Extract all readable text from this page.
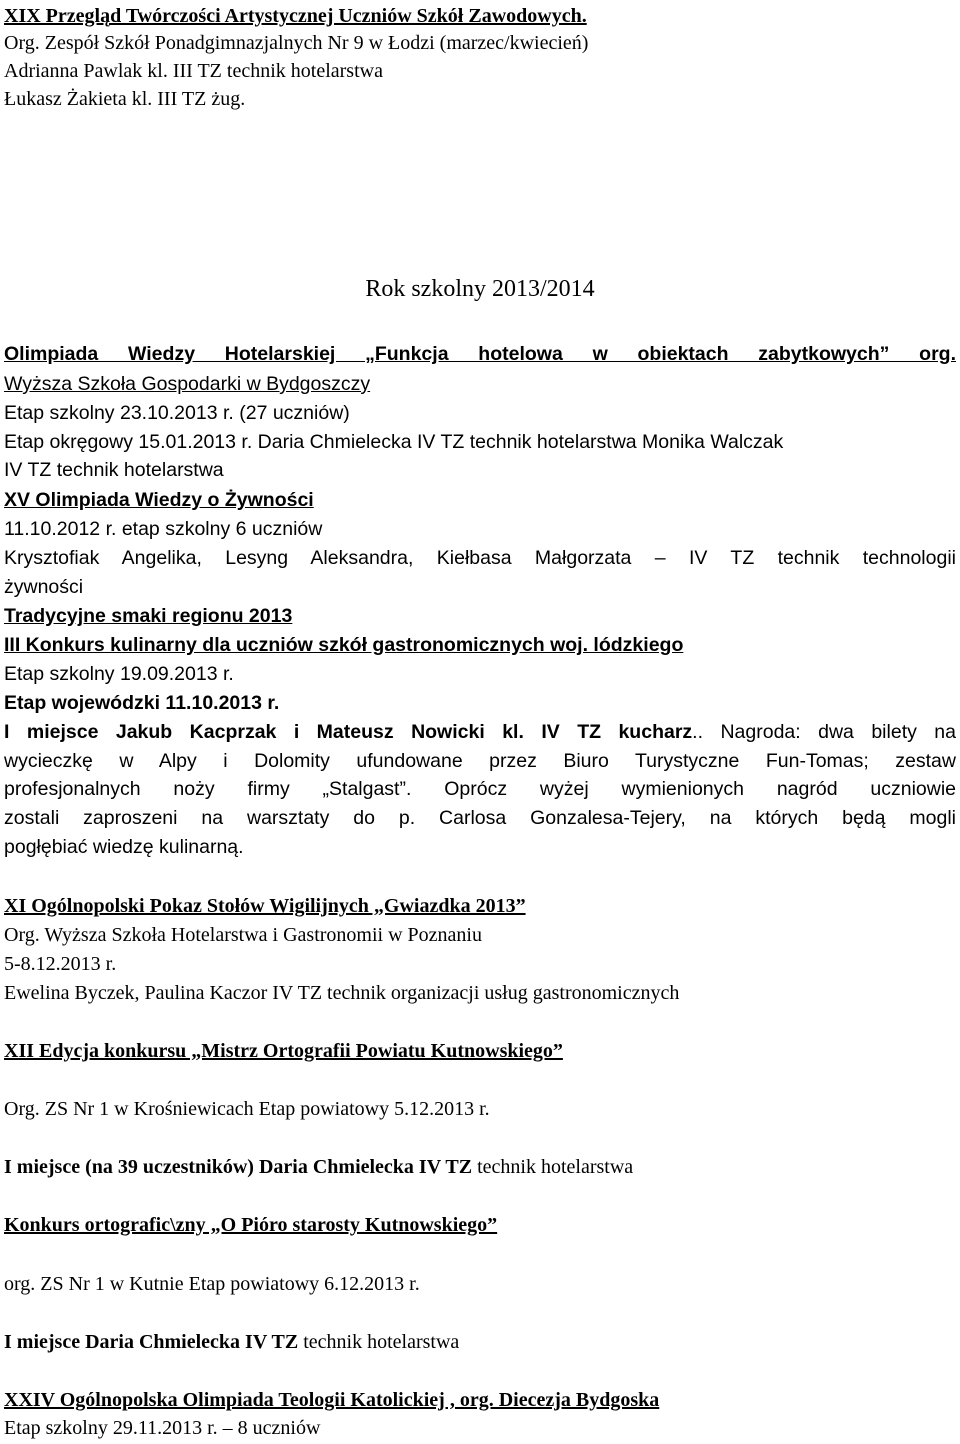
XIX Przegląd Twórczości Artystycznej Uczniów Szkół Zawodowych.
Org. Zespół Szkół Ponadgimnazjalnych Nr 9 w Łodzi (marzec/kwiecień)
Adrianna Pawlak kl. III TZ technik hotelarstwa
Łukasz Żakieta kl. III TZ żug.
Rok szkolny 2013/2014
Olimpiada Wiedzy Hotelarskiej „Funkcja hotelowa w obiektach zabytkowych” org.
Wyższa Szkoła Gospodarki w Bydgoszczy
Etap szkolny 23.10.2013 r. (27 uczniów)
Etap okręgowy 15.01.2013 r. Daria Chmielecka IV TZ technik hotelarstwa Monika Walczak
IV TZ technik hotelarstwa
XV Olimpiada Wiedzy o Żywności
11.10.2012 r. etap szkolny 6 uczniów
Krysztofiak Angelika, Lesyng Aleksandra, Kiełbasa Małgorzata – IV TZ technik technologii
żywności
Tradycyjne smaki regionu 2013
III Konkurs kulinarny dla uczniów szkół gastronomicznych woj. lódzkiego
Etap szkolny 19.09.2013 r.
Etap wojewódzki 11.10.2013 r.
I miejsce Jakub Kacprzak i Mateusz Nowicki kl. IV TZ kucharz.. Nagroda: dwa bilety na
wycieczkę w Alpy i Dolomity ufundowane przez Biuro Turystyczne Fun-Tomas; zestaw
profesjonalnych noży firmy „Stalgast”. Oprócz wyżej wymienionych nagród uczniowie
zostali zaproszeni na warsztaty do p. Carlosa Gonzalesa-Tejery, na których będą mogli
pogłębiać wiedzę kulinarną.
XI Ogólnopolski Pokaz Stołów Wigilijnych „Gwiazdka 2013”
Org. Wyższa Szkoła Hotelarstwa i Gastronomii w Poznaniu
5-8.12.2013 r.
Ewelina Byczek, Paulina Kaczor IV TZ technik organizacji usług gastronomicznych
XII Edycja konkursu „Mistrz Ortografii Powiatu Kutnowskiego”
Org. ZS Nr 1 w Krośniewicach Etap powiatowy 5.12.2013 r.
I miejsce (na 39 uczestników) Daria Chmielecka IV TZ technik hotelarstwa
Konkurs ortografic\zny „O Pióro starosty Kutnowskiego”
org. ZS Nr 1 w Kutnie Etap powiatowy 6.12.2013 r.
I miejsce Daria Chmielecka IV TZ technik hotelarstwa
XXIV Ogólnopolska Olimpiada Teologii Katolickiej , org. Diecezja Bydgoska
Etap szkolny 29.11.2013 r. – 8 uczniów
